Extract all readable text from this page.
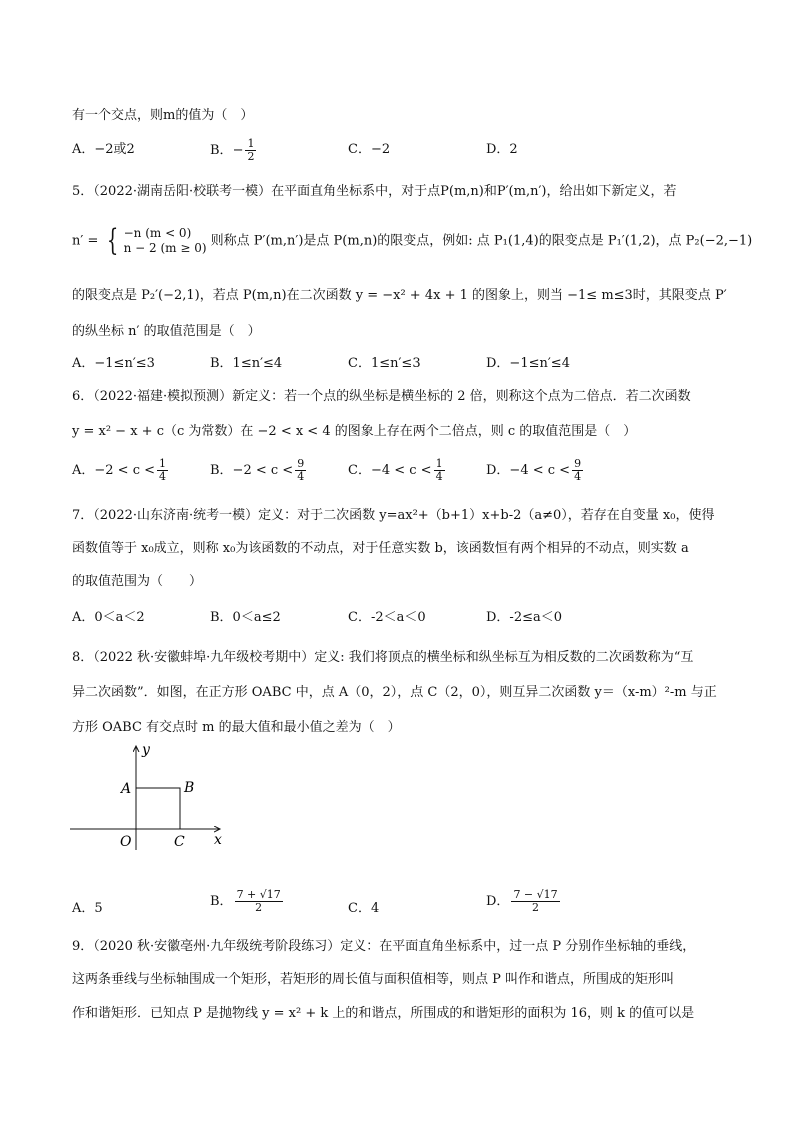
有一个交点，则m的值为（　）
A．−2或2	B．− $\frac{1}{2}$	C．−2	D．2
5．（2022·湖南岳阳·校联考一模）在平面直角坐标系中，对于点P(m,n)和P′(m,n′)，给出如下新定义，若
n′ = { −n (m < 0)
n − 2 (m ≥ 0) 则称点 P′(m,n′)是点 P(m,n)的限变点，例如: 点 P₁(1,4)的限变点是 P₁′(1,2)，点 P₂(−2,−1)
的限变点是 P₂′(−2,1)，若点 P(m,n)在二次函数 y = −x² + 4x + 1 的图象上，则当 −1≤ m≤3时，其限变点 P′
的纵坐标 n′ 的取值范围是（　）
A．−1≤n′≤3	B．1≤n′≤4	C．1≤n′≤3	D．−1≤n′≤4
6．（2022·福建·模拟预测）新定义：若一个点的纵坐标是横坐标的 2 倍，则称这个点为二倍点．若二次函数
y = x² − x + c（c 为常数）在 −2 < x < 4 的图象上存在两个二倍点，则 c 的取值范围是（　）
A．$-2 < c < \frac{1}{4}$	B．$-2 < c < \frac{9}{4}$	C．$-4 < c < \frac{1}{4}$	D．$-4 < c < \frac{9}{4}$
7．（2022·山东济南·统考一模）定义：对于二次函数 y=ax²+（b+1）x+b-2（a≠0），若存在自变量 x₀，使得
函数值等于 x₀成立，则称 x₀为该函数的不动点，对于任意实数 b，该函数恒有两个相异的不动点，则实数 a
的取值范围为（　　）
A．0＜a＜2	B．0＜a≤2	C．-2＜a＜0	D．-2≤a＜0
8．（2022 秋·安徽蚌埠·九年级校考期中）定义: 我们将顶点的横坐标和纵坐标互为相反数的二次函数称为“互
异二次函数”．如图，在正方形 OABC 中，点 A（0，2），点 C（2，0），则互异二次函数 y＝（x-m）²-m 与正
方形 OABC 有交点时 m 的最大值和最小值之差为（　）
y
x
A	B
O	C
A．5	B． $\frac{7 + √17}{2}$	C．4	D． $\frac{7 - √17}{2}$
9．（2020 秋·安徽亳州·九年级统考阶段练习）定义：在平面直角坐标系中，过一点 P 分别作坐标轴的垂线，
这两条垂线与坐标轴围成一个矩形，若矩形的周长值与面积值相等，则点 P 叫作和谐点，所围成的矩形叫
作和谐矩形．已知点 P 是抛物线 y = x² + k 上的和谐点，所围成的和谐矩形的面积为 16，则 k 的值可以是
